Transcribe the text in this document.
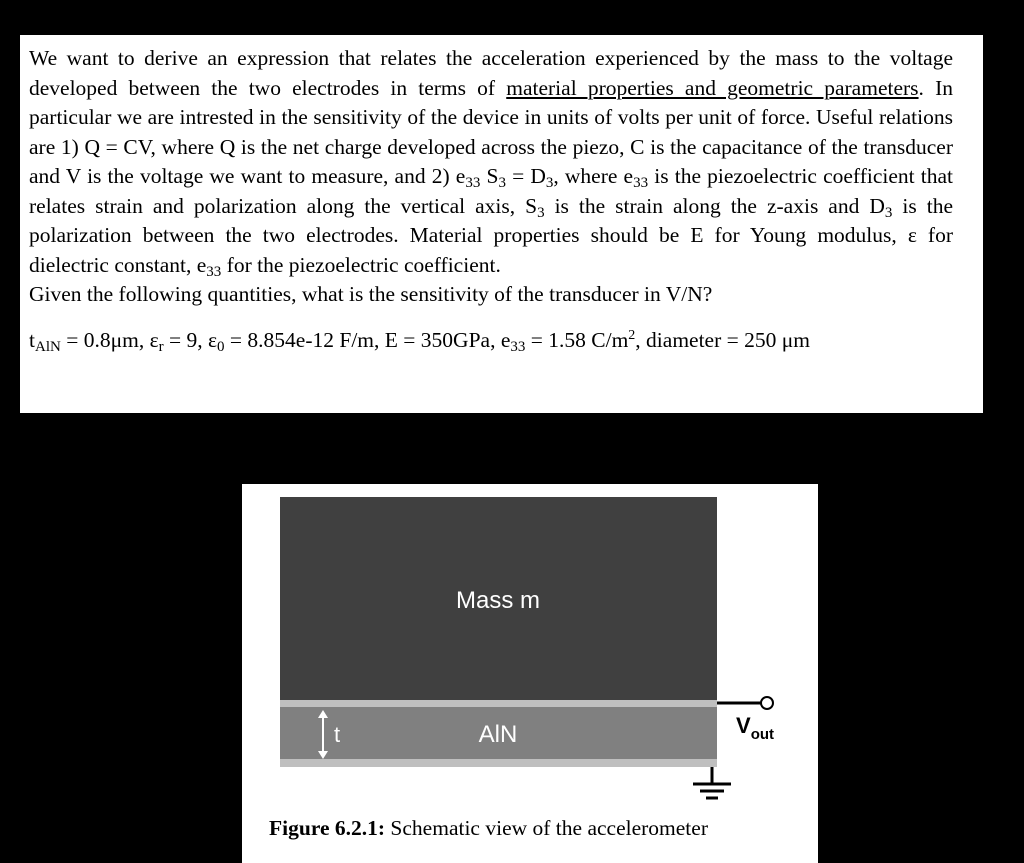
We want to derive an expression that relates the acceleration experienced by the mass to the voltage developed between the two electrodes in terms of material properties and geometric parameters. In particular we are intrested in the sensitivity of the device in units of volts per unit of force. Useful relations are 1) Q = CV, where Q is the net charge developed across the piezo, C is the capacitance of the transducer and V is the voltage we want to measure, and 2) $e_{33}$ $S_3 = D_3$, where $e_{33}$ is the piezoelectric coefficient that relates strain and polarization along the vertical axis, $S_3$ is the strain along the z-axis and $D_3$ is the polarization between the two electrodes. Material properties should be E for Young modulus, ε for dielectric constant, $e_{33}$ for the piezoelectric coefficient.

Given the following quantities, what is the sensitivity of the transducer in V/N?

$t_{AlN} = 0.8\mu m$, $\varepsilon_r = 9$, $\varepsilon_0 = 8.854e-12$ F/m, E = 350GPa, $e_{33} = 1.58$ $C/m^2$, diameter = 250 μm

Mass m
AlN
t	$V_{out}$
Figure 6.2.1: Schematic view of the accelerometer
